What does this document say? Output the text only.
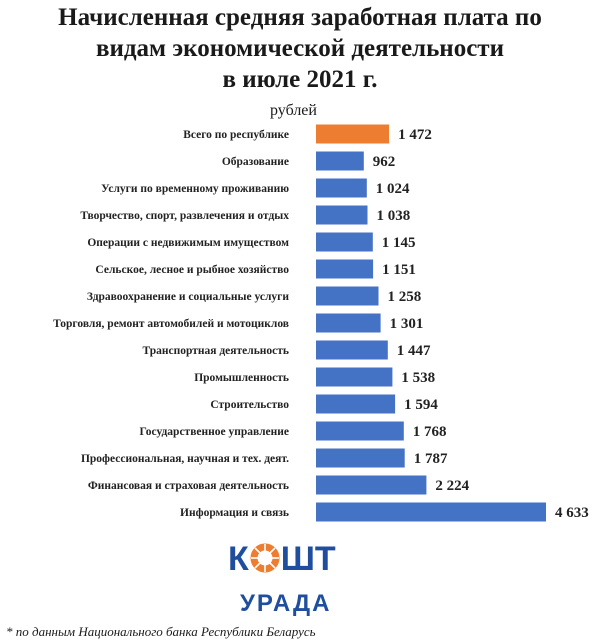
Начисленная средняя заработная плата по
видам экономической деятельности
в июле 2021 г.
рублей
Всего по республике	1 472
Образование	962
Услуги по временному проживанию	1 024
Творчество, спорт, развлечения и отдых	1 038
Операции с недвижимым имуществом	1 145
Сельское, лесное и рыбное хозяйство	1 151
Здравоохранение и социальные услуги	1 258
Торговля, ремонт автомобилей и мотоциклов	1 301
Транспортная деятельность	1 447
Промышленность	1 538
Строительство	1 594
Государственное управление	1 768
Профессиональная, научная и тех. деят.	1 787
Финансовая и страховая деятельность	2 224
Информация и связь	4 633
К ШТ
УРАДА
* по данным Национального банка Республики Беларусь
